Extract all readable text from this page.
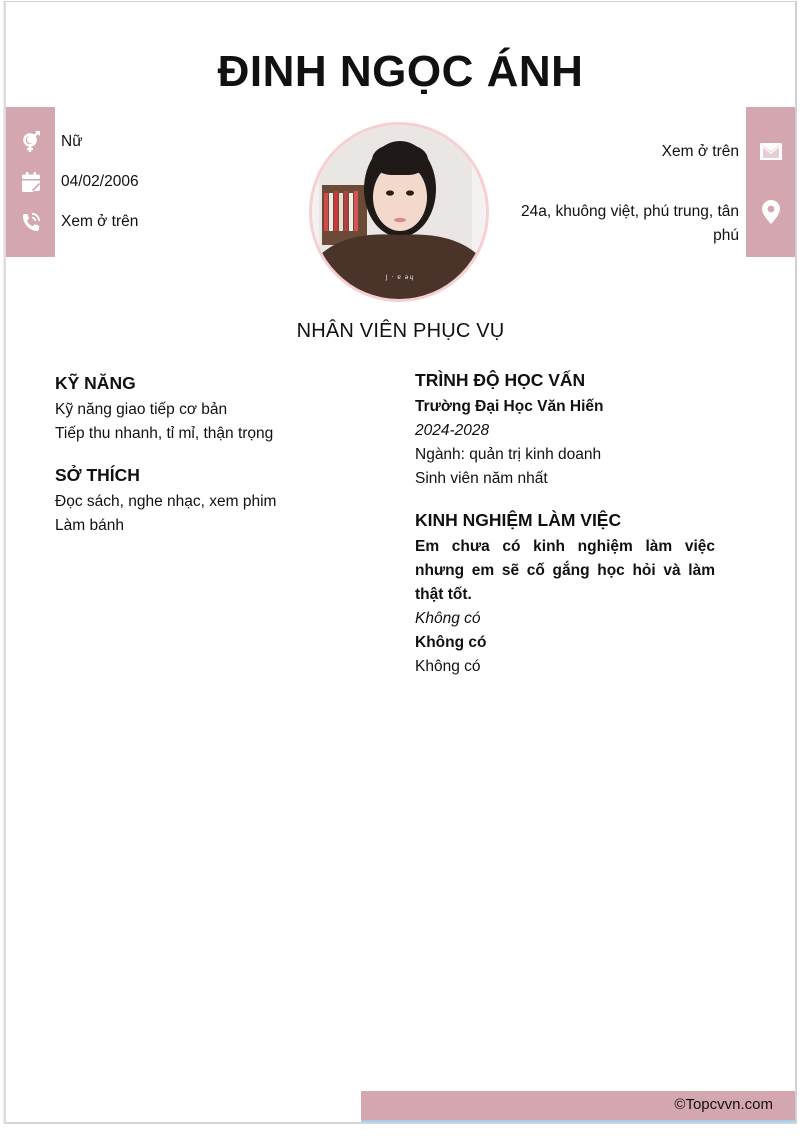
ĐINH NGỌC ÁNH
Nữ
04/02/2006
Xem ở trên
J · ɐ ǝɥ
Xem ở trên
24a, khuông việt, phú trung, tân phú
NHÂN VIÊN PHỤC VỤ
KỸ NĂNG
Kỹ năng giao tiếp cơ bản
Tiếp thu nhanh, tỉ mỉ, thận trọng
SỞ THÍCH
Đọc sách, nghe nhạc, xem phim
Làm bánh
TRÌNH ĐỘ HỌC VẤN
Trường Đại Học Văn Hiến
2024-2028
Ngành: quản trị kinh doanh
Sinh viên năm nhất
KINH NGHIỆM LÀM VIỆC
Em chưa có kinh nghiệm làm việc nhưng em sẽ cố gắng học hỏi và làm thật tốt.
Không có
Không có
Không có
©Topcvvn.com
